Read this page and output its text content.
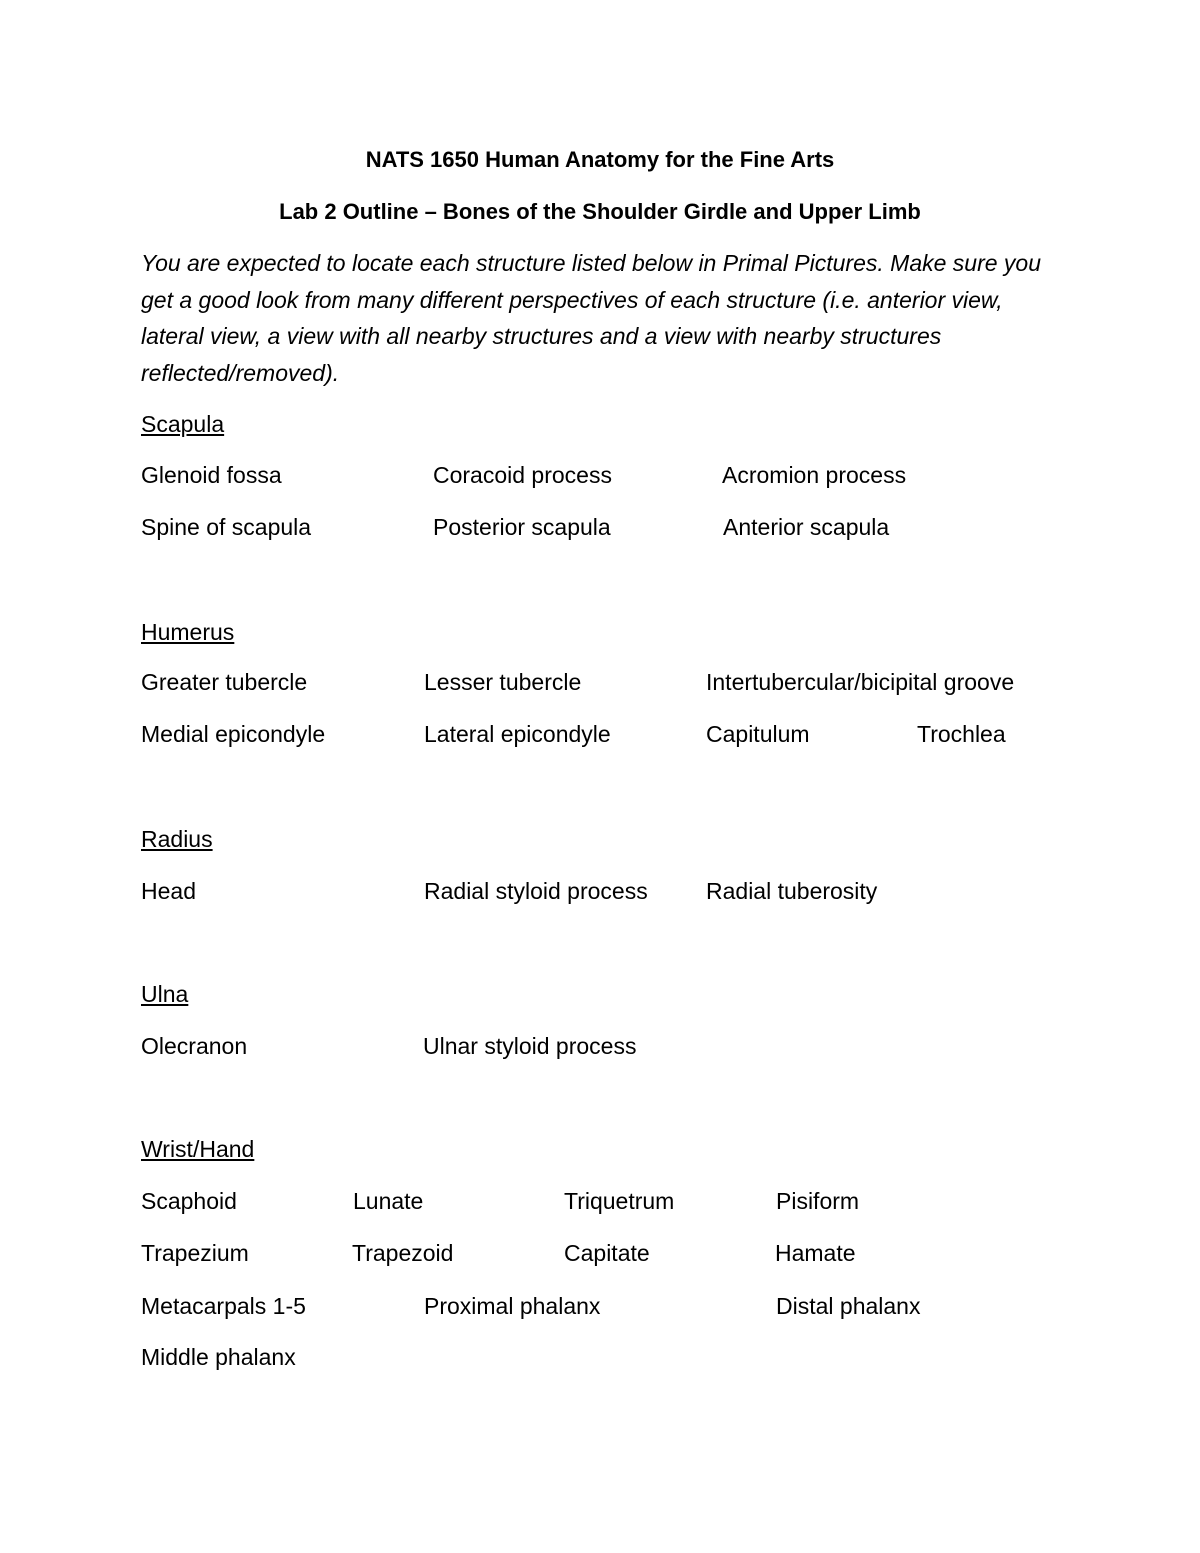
NATS 1650 Human Anatomy for the Fine Arts
Lab 2 Outline – Bones of the Shoulder Girdle and Upper Limb
You are expected to locate each structure listed below in Primal Pictures. Make sure you get a good look from many different perspectives of each structure (i.e. anterior view, lateral view, a view with all nearby structures and a view with nearby structures reflected/removed).
Scapula
Glenoid fossa	Coracoid process	Acromion process
Spine of scapula	Posterior scapula	Anterior scapula
Humerus
Greater tubercle	Lesser tubercle	Intertubercular/bicipital groove
Medial epicondyle	Lateral epicondyle	Capitulum	Trochlea
Radius
Head	Radial styloid process	Radial tuberosity
Ulna
Olecranon	Ulnar styloid process
Wrist/Hand
Scaphoid	Lunate	Triquetrum	Pisiform
Trapezium	Trapezoid	Capitate	Hamate
Metacarpals 1-5	Proximal phalanx	Distal phalanx
Middle phalanx
